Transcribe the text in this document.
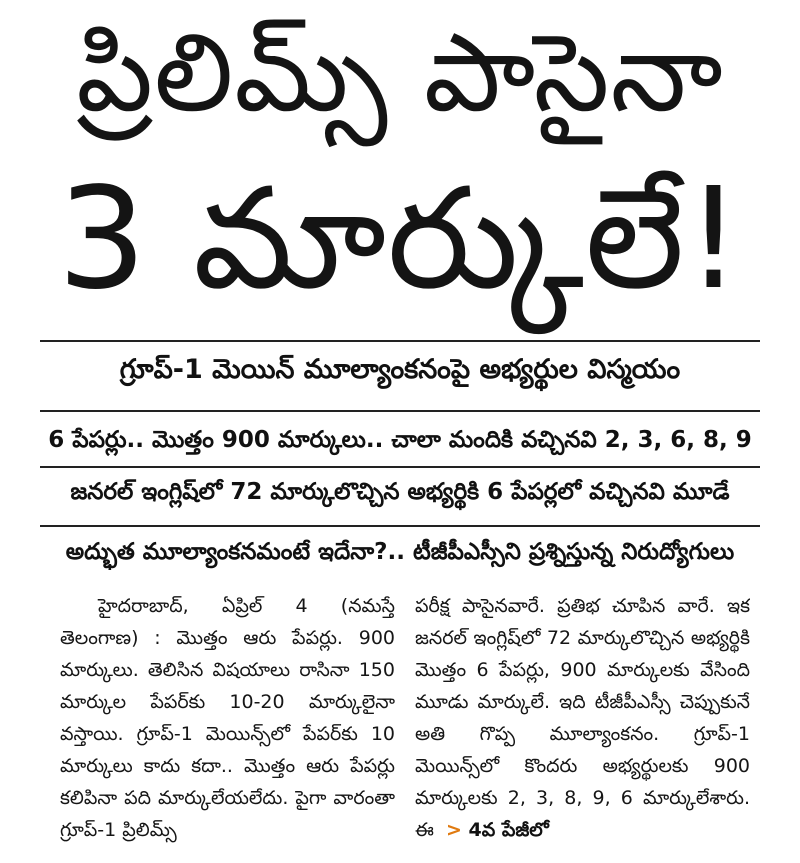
ప్రిలిమ్స్ పాసైనా
3 మార్కులే!
గ్రూప్-1 మెయిన్ మూల్యాంకనంపై అభ్యర్థుల విస్మయం
6 పేపర్లు.. మొత్తం 900 మార్కులు.. చాలా మందికి వచ్చినవి 2, 3, 6, 8, 9
జనరల్ ఇంగ్లిష్‌లో 72 మార్కులొచ్చిన అభ్యర్థికి 6 పేపర్లలో వచ్చినవి మూడే
అద్భుత మూల్యాంకనమంటే ఇదేనా?.. టీజీపీఎస్సీని ప్రశ్నిస్తున్న నిరుద్యోగులు
హైదరాబాద్, ఏప్రిల్ 4 (నమస్తే తెలంగాణ) : మొత్తం ఆరు పేపర్లు. 900 మార్కులు. తెలిసిన విషయాలు రాసినా 150 మార్కుల పేపర్‌కు 10-20 మార్కులైనా వస్తాయి. గ్రూప్-1 మెయిన్స్‌లో పేపర్‌కు 10 మార్కులు కాదు కదా.. మొత్తం ఆరు పేపర్లు కలిపినా పది మార్కులేయలేదు. పైగా వారంతా గ్రూప్-1 ప్రిలిమ్స్
పరీక్ష పాసైనవారే. ప్రతిభ చూపిన వారే. ఇక జనరల్ ఇంగ్లిష్‌లో 72 మార్కులొచ్చిన అభ్యర్థికి మొత్తం 6 పేపర్లు, 900 మార్కులకు వేసింది మూడు మార్కులే. ఇది టీజీపీఎస్సీ చెప్పుకునే అతి గొప్ప మూల్యాంకనం. గ్రూప్-1 మెయిన్స్‌లో కొందరు అభ్యర్థులకు 900 మార్కులకు 2, 3, 8, 9, 6 మార్కులేశారు. ఈ > 4వ పేజీలో
